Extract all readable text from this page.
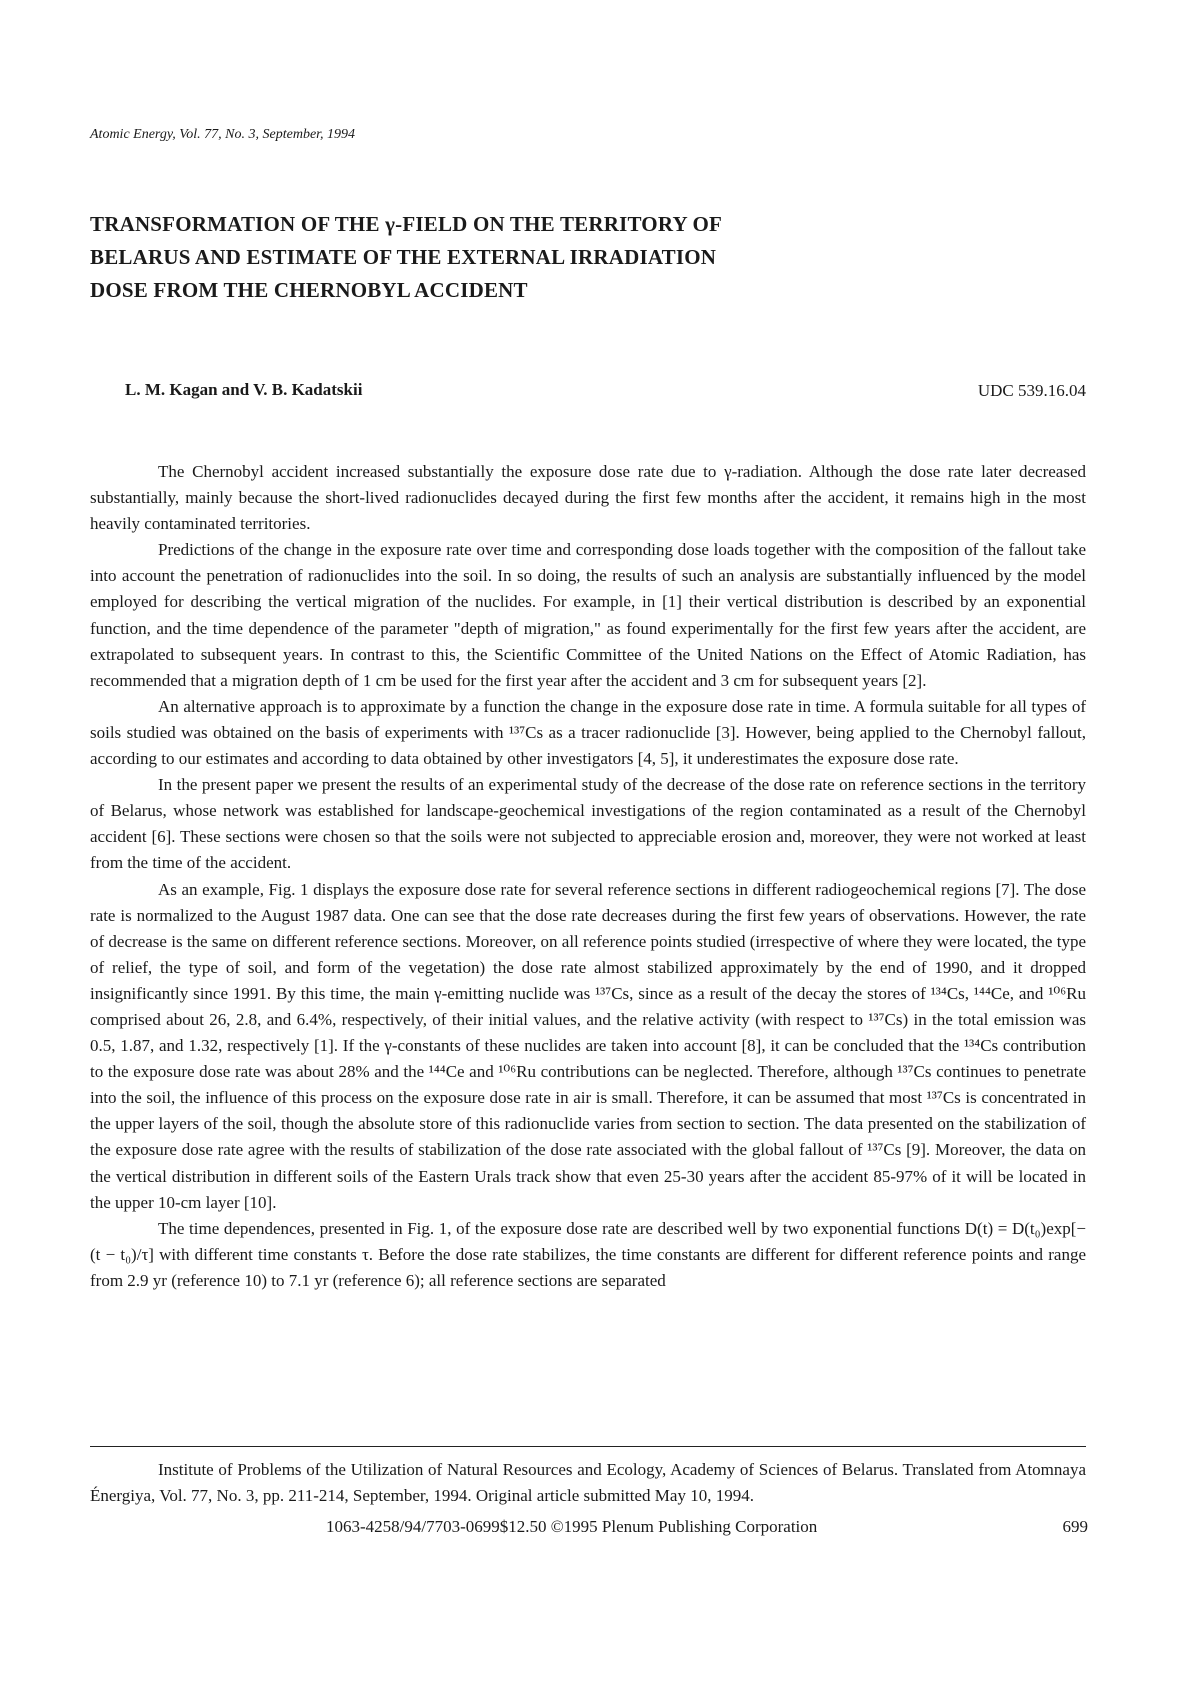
Atomic Energy, Vol. 77, No. 3, September, 1994
TRANSFORMATION OF THE γ-FIELD ON THE TERRITORY OF
BELARUS AND ESTIMATE OF THE EXTERNAL IRRADIATION
DOSE FROM THE CHERNOBYL ACCIDENT
L. M. Kagan and V. B. Kadatskii	UDC 539.16.04

The Chernobyl accident increased substantially the exposure dose rate due to γ-radiation. Although the dose rate later decreased substantially, mainly because the short-lived radionuclides decayed during the first few months after the accident, it remains high in the most heavily contaminated territories.

Predictions of the change in the exposure rate over time and corresponding dose loads together with the composition of the fallout take into account the penetration of radionuclides into the soil. In so doing, the results of such an analysis are substantially influenced by the model employed for describing the vertical migration of the nuclides. For example, in [1] their vertical distribution is described by an exponential function, and the time dependence of the parameter "depth of migration," as found experimentally for the first few years after the accident, are extrapolated to subsequent years. In contrast to this, the Scientific Committee of the United Nations on the Effect of Atomic Radiation, has recommended that a migration depth of 1 cm be used for the first year after the accident and 3 cm for subsequent years [2].

An alternative approach is to approximate by a function the change in the exposure dose rate in time. A formula suitable for all types of soils studied was obtained on the basis of experiments with ¹³⁷Cs as a tracer radionuclide [3]. However, being applied to the Chernobyl fallout, according to our estimates and according to data obtained by other investigators [4, 5], it underestimates the exposure dose rate.

In the present paper we present the results of an experimental study of the decrease of the dose rate on reference sections in the territory of Belarus, whose network was established for landscape-geochemical investigations of the region contaminated as a result of the Chernobyl accident [6]. These sections were chosen so that the soils were not subjected to appreciable erosion and, moreover, they were not worked at least from the time of the accident.

As an example, Fig. 1 displays the exposure dose rate for several reference sections in different radiogeochemical regions [7]. The dose rate is normalized to the August 1987 data. One can see that the dose rate decreases during the first few years of observations. However, the rate of decrease is the same on different reference sections. Moreover, on all reference points studied (irrespective of where they were located, the type of relief, the type of soil, and form of the vegetation) the dose rate almost stabilized approximately by the end of 1990, and it dropped insignificantly since 1991. By this time, the main γ-emitting nuclide was ¹³⁷Cs, since as a result of the decay the stores of ¹³⁴Cs, ¹⁴⁴Ce, and ¹⁰⁶Ru comprised about 26, 2.8, and 6.4%, respectively, of their initial values, and the relative activity (with respect to ¹³⁷Cs) in the total emission was 0.5, 1.87, and 1.32, respectively [1]. If the γ-constants of these nuclides are taken into account [8], it can be concluded that the ¹³⁴Cs contribution to the exposure dose rate was about 28% and the ¹⁴⁴Ce and ¹⁰⁶Ru contributions can be neglected. Therefore, although ¹³⁷Cs continues to penetrate into the soil, the influence of this process on the exposure dose rate in air is small. Therefore, it can be assumed that most ¹³⁷Cs is concentrated in the upper layers of the soil, though the absolute store of this radionuclide varies from section to section. The data presented on the stabilization of the exposure dose rate agree with the results of stabilization of the dose rate associated with the global fallout of ¹³⁷Cs [9]. Moreover, the data on the vertical distribution in different soils of the Eastern Urals track show that even 25-30 years after the accident 85-97% of it will be located in the upper 10-cm layer [10].

The time dependences, presented in Fig. 1, of the exposure dose rate are described well by two exponential functions D(t) = D(t₀)exp[−(t − t₀)/τ] with different time constants τ. Before the dose rate stabilizes, the time constants are different for different reference points and range from 2.9 yr (reference 10) to 7.1 yr (reference 6); all reference sections are separated

Institute of Problems of the Utilization of Natural Resources and Ecology, Academy of Sciences of Belarus. Translated from Atomnaya Énergiya, Vol. 77, No. 3, pp. 211-214, September, 1994. Original article submitted May 10, 1994.

1063-4258/94/7703-0699$12.50 ©1995 Plenum Publishing Corporation	699
